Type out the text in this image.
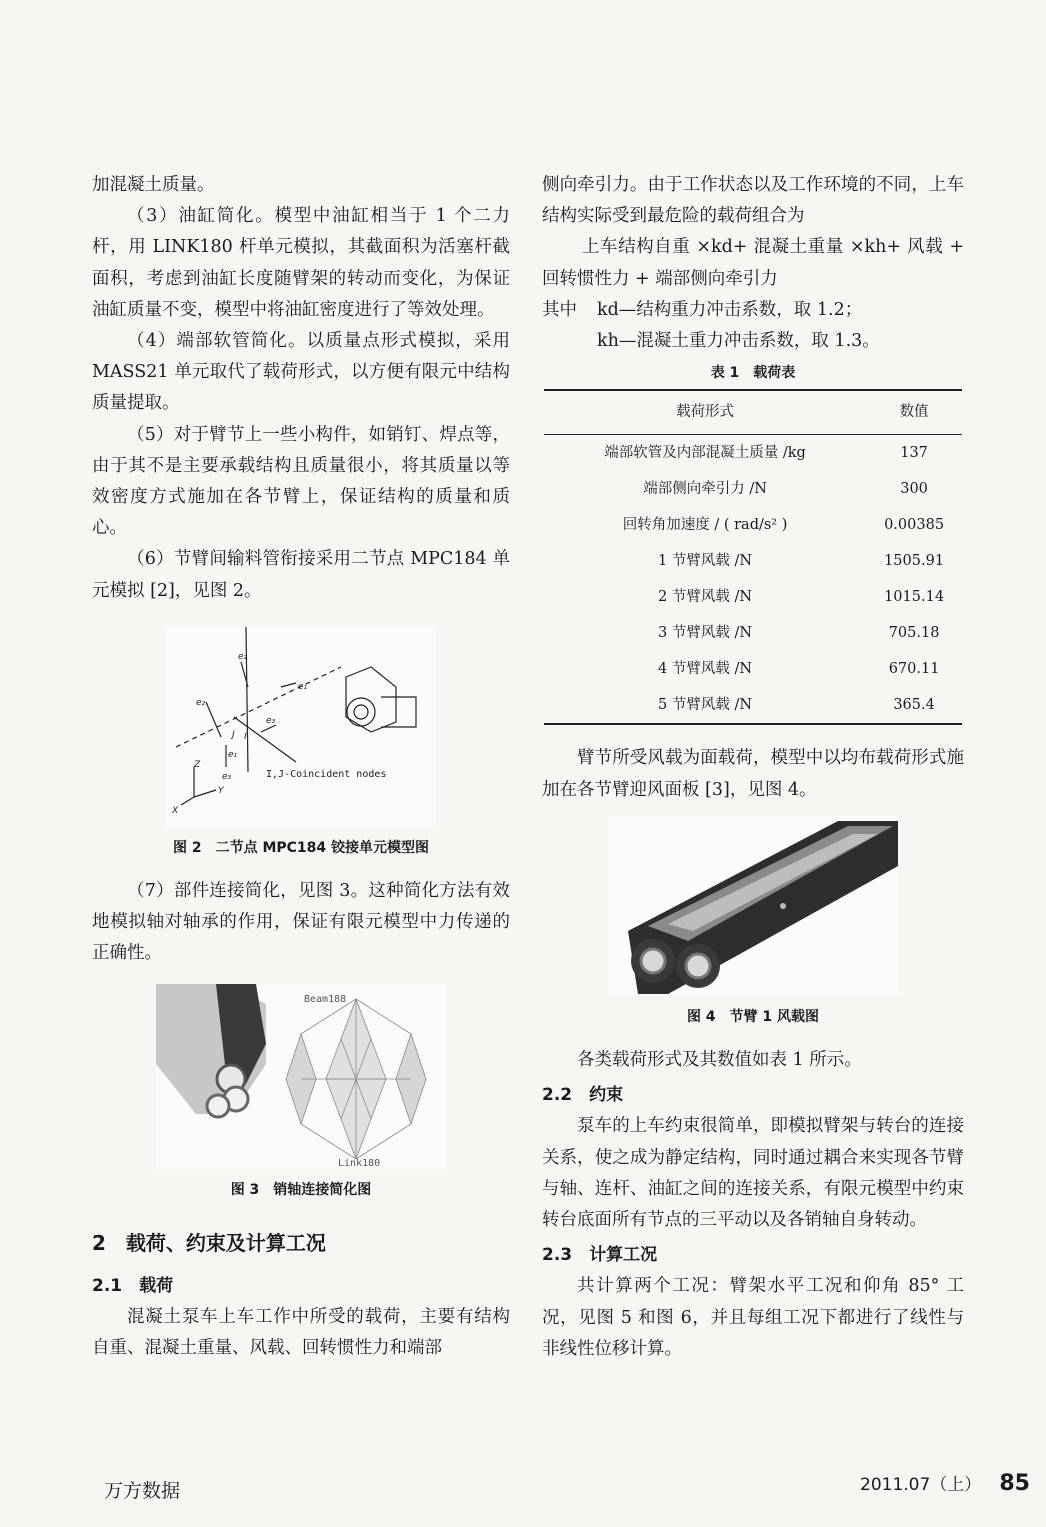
加混凝土质量。

（3）油缸简化。模型中油缸相当于 1 个二力杆，用 LINK180 杆单元模拟，其截面积为活塞杆截面积，考虑到油缸长度随臂架的转动而变化，为保证油缸质量不变，模型中将油缸密度进行了等效处理。

（4）端部软管简化。以质量点形式模拟，采用 MASS21 单元取代了载荷形式，以方便有限元中结构质量提取。

（5）对于臂节上一些小构件，如销钉、焊点等，由于其不是主要承载结构且质量很小，将其质量以等效密度方式施加在各节臂上，保证结构的质量和质心。

（6）节臂间输料管衔接采用二节点 MPC184 单元模拟 [2]，见图 2。

e₂
e₁
e₂
e₃
J I
e₁
e₃
Z
Y
X
I,J-Coincident nodes
图 2　二节点 MPC184 铰接单元模型图

（7）部件连接简化，见图 3。这种简化方法有效地模拟轴对轴承的作用，保证有限元模型中力传递的正确性。

Beam188
Link180
图 3　销轴连接简化图
2　载荷、约束及计算工况
2.1　载荷

混凝土泵车上车工作中所受的载荷，主要有结构自重、混凝土重量、风载、回转惯性力和端部

侧向牵引力。由于工作状态以及工作环境的不同，上车结构实际受到最危险的载荷组合为

上车结构自重 ×kd+ 混凝土重量 ×kh+ 风载 + 回转惯性力 + 端部侧向牵引力

其中	kd—结构重力冲击系数，取 1.2；
kh—混凝土重力冲击系数，取 1.3。
表 1　载荷表
载荷形式	数值
端部软管及内部混凝土质量 /kg	137
端部侧向牵引力 /N	300
回转角加速度 / ( rad/s² )	0.00385
1 节臂风载 /N	1505.91
2 节臂风载 /N	1015.14
3 节臂风载 /N	705.18
4 节臂风载 /N	670.11
5 节臂风载 /N	365.4

臂节所受风载为面载荷，模型中以均布载荷形式施加在各节臂迎风面板 [3]，见图 4。

图 4　节臂 1 风载图

各类载荷形式及其数值如表 1 所示。

2.2　约束

泵车的上车约束很简单，即模拟臂架与转台的连接关系，使之成为静定结构，同时通过耦合来实现各节臂与轴、连杆、油缸之间的连接关系，有限元模型中约束转台底面所有节点的三平动以及各销轴自身转动。

2.3　计算工况

共计算两个工况：臂架水平工况和仰角 85° 工况，见图 5 和图 6，并且每组工况下都进行了线性与非线性位移计算。

万方数据	2011.07（上） 85
